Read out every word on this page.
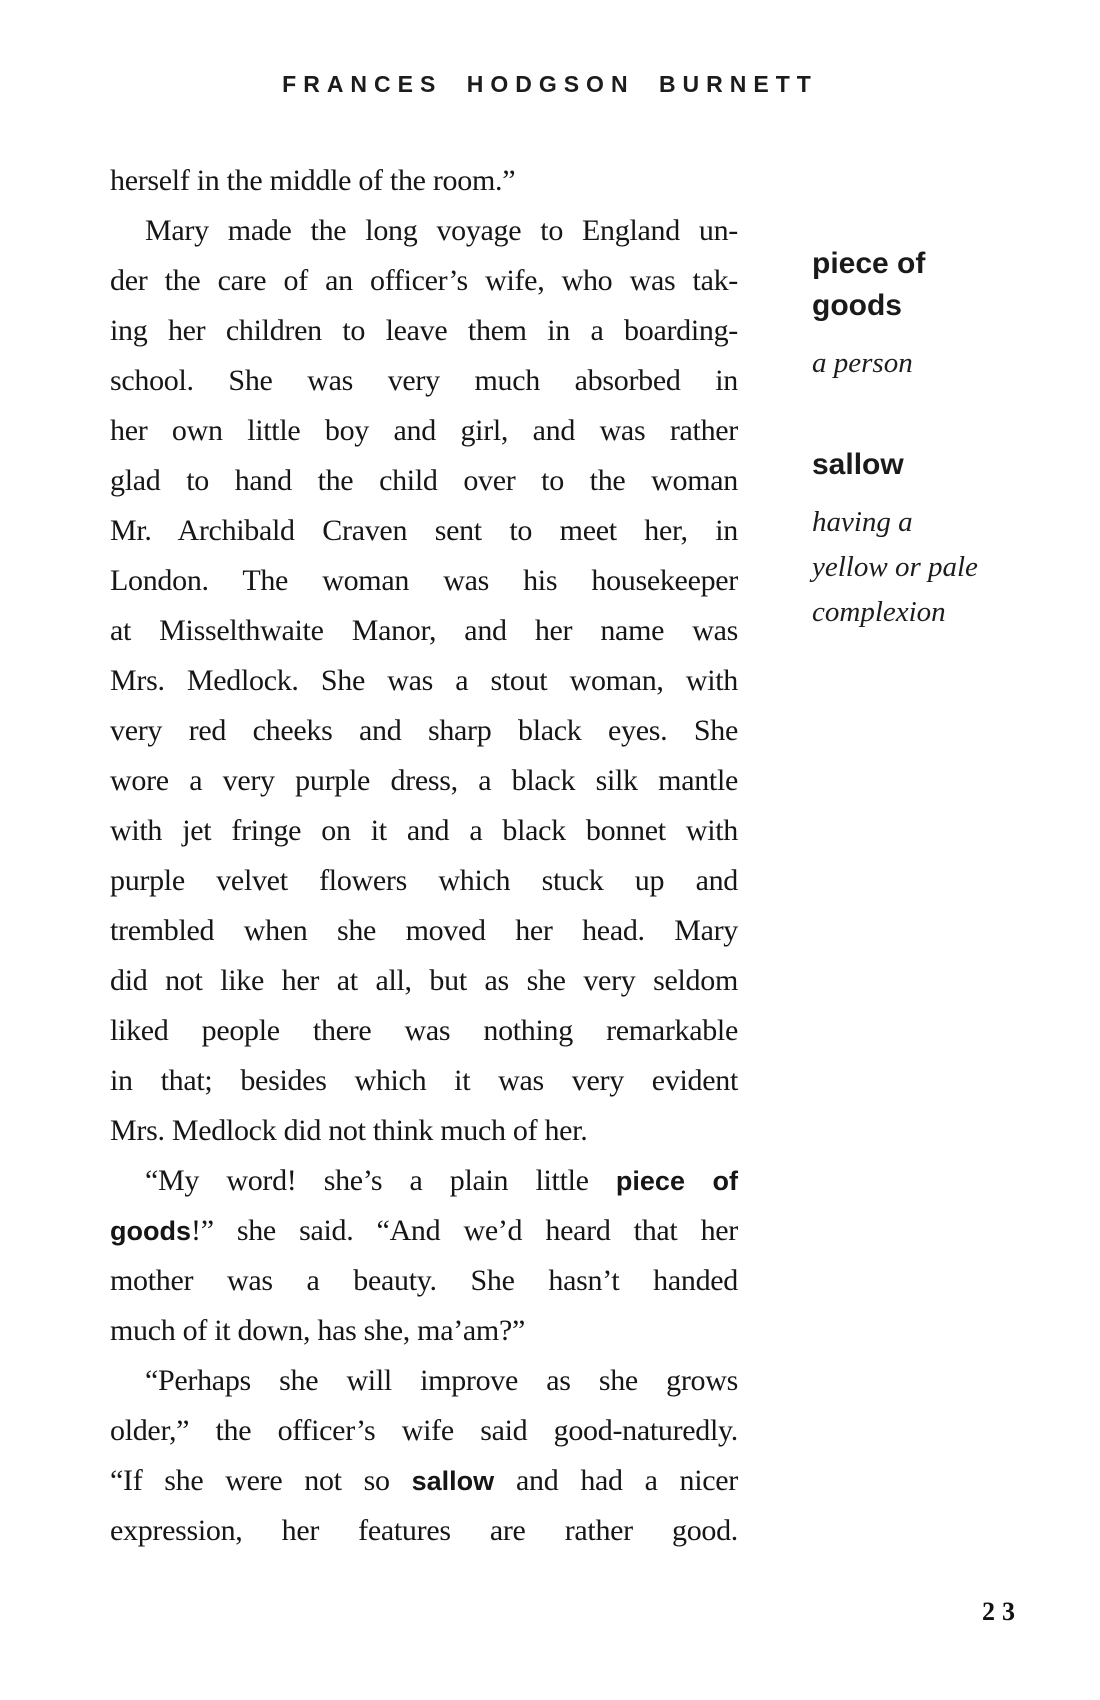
FRANCES HODGSON BURNETT
herself in the middle of the room.”
Mary made the long voyage to England un-
der the care of an officer’s wife, who was tak-
ing her children to leave them in a boarding-
school. She was very much absorbed in
her own little boy and girl, and was rather
glad to hand the child over to the woman
Mr. Archibald Craven sent to meet her, in
London. The woman was his housekeeper
at Misselthwaite Manor, and her name was
Mrs. Medlock. She was a stout woman, with
very red cheeks and sharp black eyes. She
wore a very purple dress, a black silk mantle
with jet fringe on it and a black bonnet with
purple velvet flowers which stuck up and
trembled when she moved her head. Mary
did not like her at all, but as she very seldom
liked people there was nothing remarkable
in that; besides which it was very evident
Mrs. Medlock did not think much of her.
“My word! she’s a plain little piece of
goods!” she said. “And we’d heard that her
mother was a beauty. She hasn’t handed
much of it down, has she, ma’am?”
“Perhaps she will improve as she grows
older,” the officer’s wife said good-naturedly.
“If she were not so sallow and had a nicer
expression, her features are rather good.
piece of goods
a person
sallow
having a yellow or pale complexion
23
